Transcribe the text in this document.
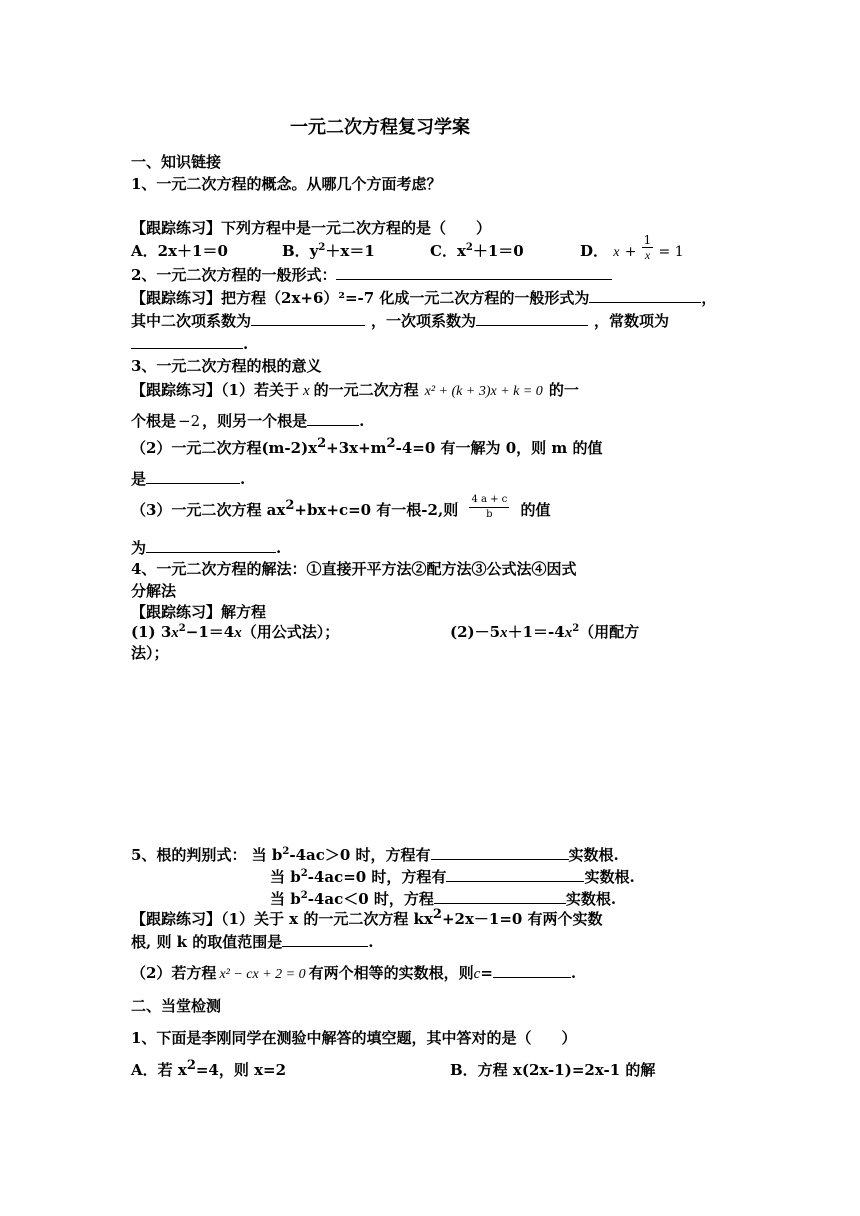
一元二次方程复习学案
一、知识链接
1、一元二次方程的概念。从哪几个方面考虑？
【跟踪练习】下列方程中是一元二次方程的是（　　）
A．2x＋1＝0	B．$y^2+x=1$	C．$x^2+1=0$	D． $x + \frac{1}{x} = 1$
2、一元二次方程的一般形式：
【跟踪练习】把方程（2x+6）²=-7 化成一元二次方程的一般形式为	，
其中二次项系数为	，一次项系数为	，常数项为
.
3、一元二次方程的根的意义
【跟踪练习】（1）若关于 x 的一元二次方程 x² + (k + 3)x + k = 0 的一
个根是 −2 ，则另一个根是	.
（2）一元二次方程(m-2)x2+3x+m2-4=0 有一解为 0，则 m 的值
是	.
（3）一元二次方程 ax2+bx+c=0 有一根-2,则 $\frac{4 a + c}{b}$ 的值
为	.
4、一元二次方程的解法：①直接开平方法②配方法③公式法④因式
分解法
【跟踪练习】解方程
(1) $3x^2-1=4x$（用公式法）；	$(2)-5x+1=-4x^2$（用配方
法）；
5、根的判别式： 当 $b^2-4ac>0$ 时，方程有	实数根.
当 $b^2-4ac=0$ 时，方程有	实数根.
当 $b^2-4ac<0$ 时，方程	实数根.
【跟踪练习】（1）关于 x 的一元二次方程 kx2+2x－1=0 有两个实数
根, 则 k 的取值范围是	.
（2）若方程 x² − cx + 2 = 0 有两个相等的实数根，则c=	.
二、当堂检测
1、下面是李刚同学在测验中解答的填空题，其中答对的是（　　）
A．若 x2=4，则 x=2	B．方程 x(2x-1)=2x-1 的解
